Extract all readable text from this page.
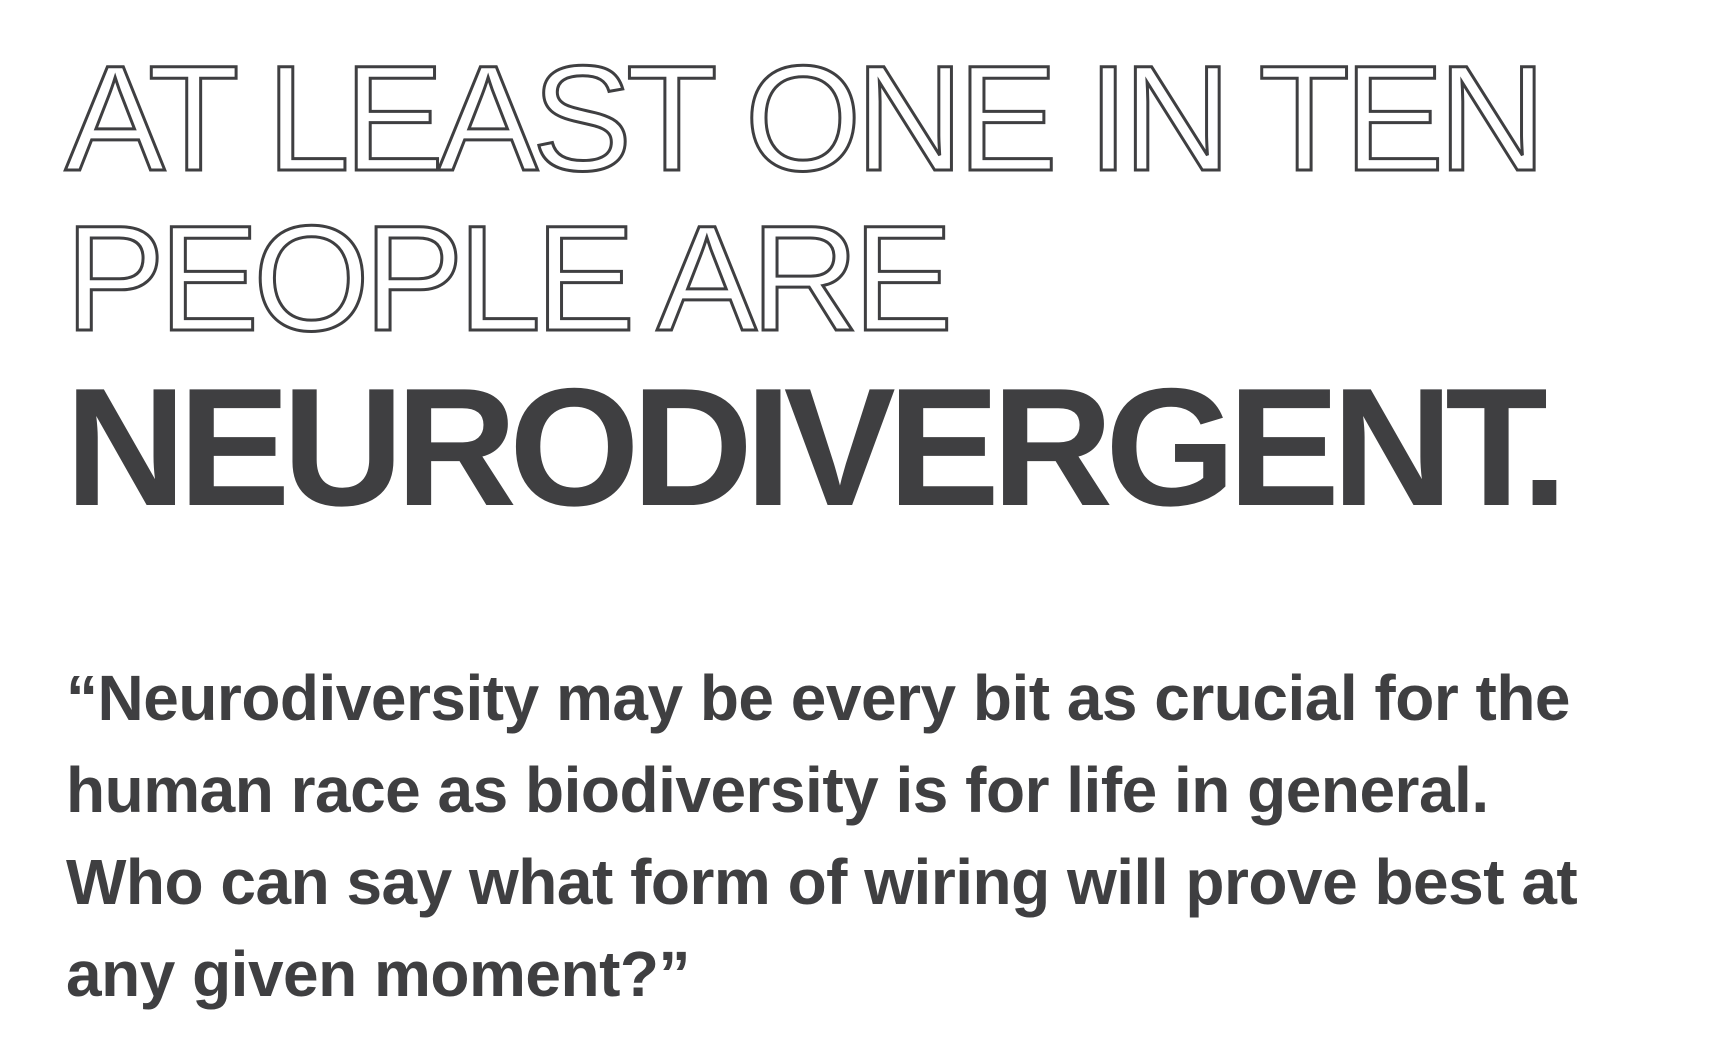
AT LEAST ONE IN TEN
PEOPLE ARE
NEURODIVERGENT.

“Neurodiversity may be every bit as crucial for the
human race as biodiversity is for life in general.
Who can say what form of wiring will prove best at
any given moment?”
